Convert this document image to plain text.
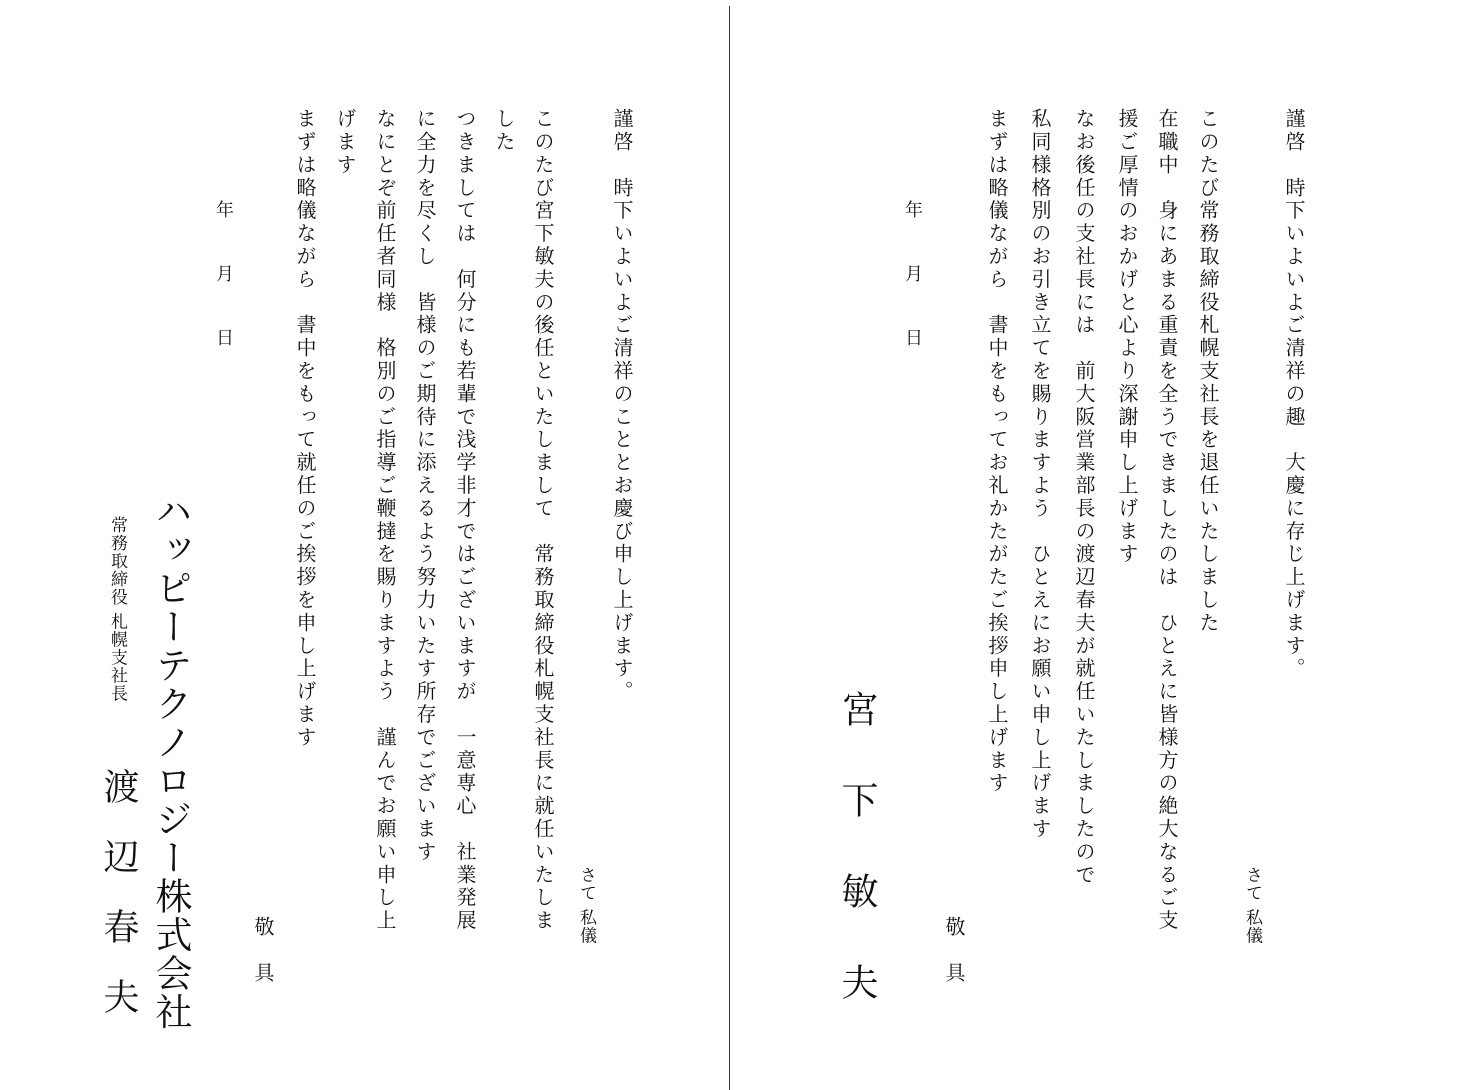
謹啓　時下いよいよご清祥のこととお慶び申し上げます。
さて 私儀
このたび宮下敏夫の後任といたしまして　常務取締役札幌支社長に就任いたしま
した
つきましては　何分にも若輩で浅学非才ではございますが　一意専心　社業発展
に全力を尽くし　皆様のご期待に添えるよう努力いたす所存でございます
なにとぞ前任者同様　格別のご指導ご鞭撻を賜りますよう　謹んでお願い申し上
げます
まずは略儀ながら　書中をもって就任のご挨拶を申し上げます
敬具
年月日
ハッピーテクノロジー株式会社
常務取締役 札幌支社長
渡辺春夫
謹啓　時下いよいよご清祥の趣　大慶に存じ上げます。
さて 私儀
このたび常務取締役札幌支社長を退任いたしました
在職中　身にあまる重責を全うできましたのは　ひとえに皆様方の絶大なるご支
援ご厚情のおかげと心より深謝申し上げます
なお後任の支社長には　前大阪営業部長の渡辺春夫が就任いたしましたので
私同様格別のお引き立てを賜りますよう　ひとえにお願い申し上げます
まずは略儀ながら　書中をもってお礼かたがたご挨拶申し上げます
敬具
年月日
宮下敏夫
